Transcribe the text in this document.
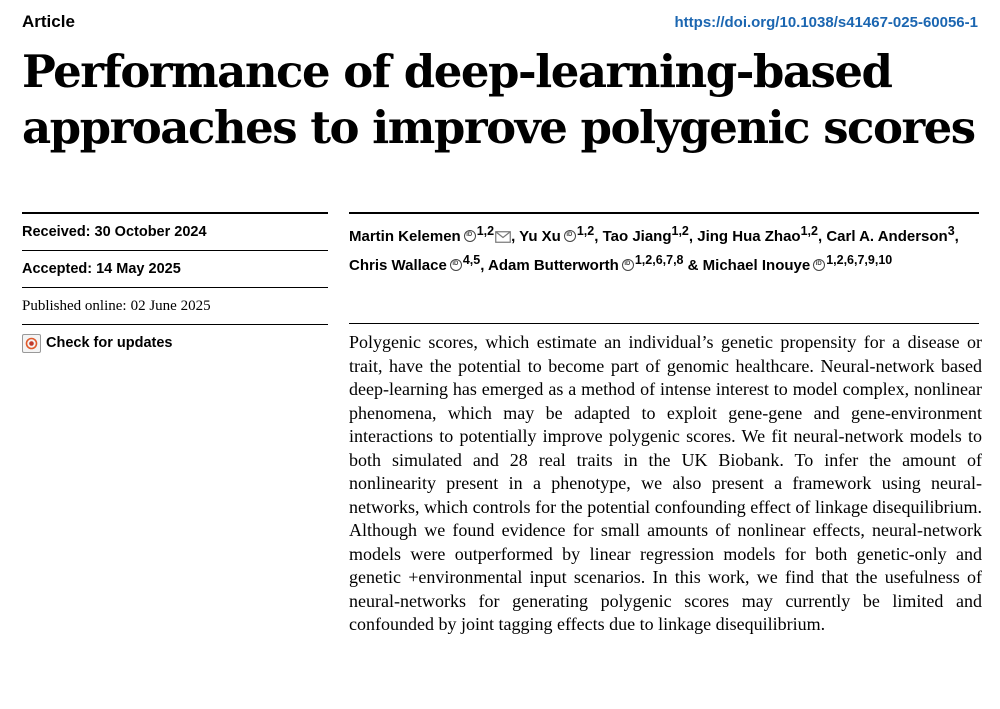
Article	https://doi.org/10.1038/s41467-025-60056-1
Performance of deep-learning-based approaches to improve polygenic scores
Received: 30 October 2024
Accepted: 14 May 2025
Published online: 02 June 2025
Check for updates
Martin Kelemen iD $^{1,2}$ , Yu Xu iD $^{1,2}$, Tao Jiang$^{1,2}$, Jing Hua Zhao$^{1,2}$, Carl A. Anderson$^3$, Chris Wallace iD $^{4,5}$, Adam Butterworth iD $^{1,2,6,7,8}$ & Michael Inouye iD $^{1,2,6,7,9,10}$

Polygenic scores, which estimate an individual’s genetic propensity for a disease or trait, have the potential to become part of genomic healthcare. Neural-network based deep-learning has emerged as a method of intense interest to model complex, nonlinear phenomena, which may be adapted to exploit gene-gene and gene-environment interactions to potentially improve polygenic scores. We fit neural-network models to both simulated and 28 real traits in the UK Biobank. To infer the amount of nonlinearity present in a phenotype, we also present a framework using neural-networks, which controls for the potential confounding effect of linkage disequilibrium. Although we found evidence for small amounts of nonlinear effects, neural-network models were outperformed by linear regression models for both genetic-only and genetic +environmental input scenarios. In this work, we find that the usefulness of neural-networks for generating polygenic scores may currently be limited and confounded by joint tagging effects due to linkage disequilibrium.
